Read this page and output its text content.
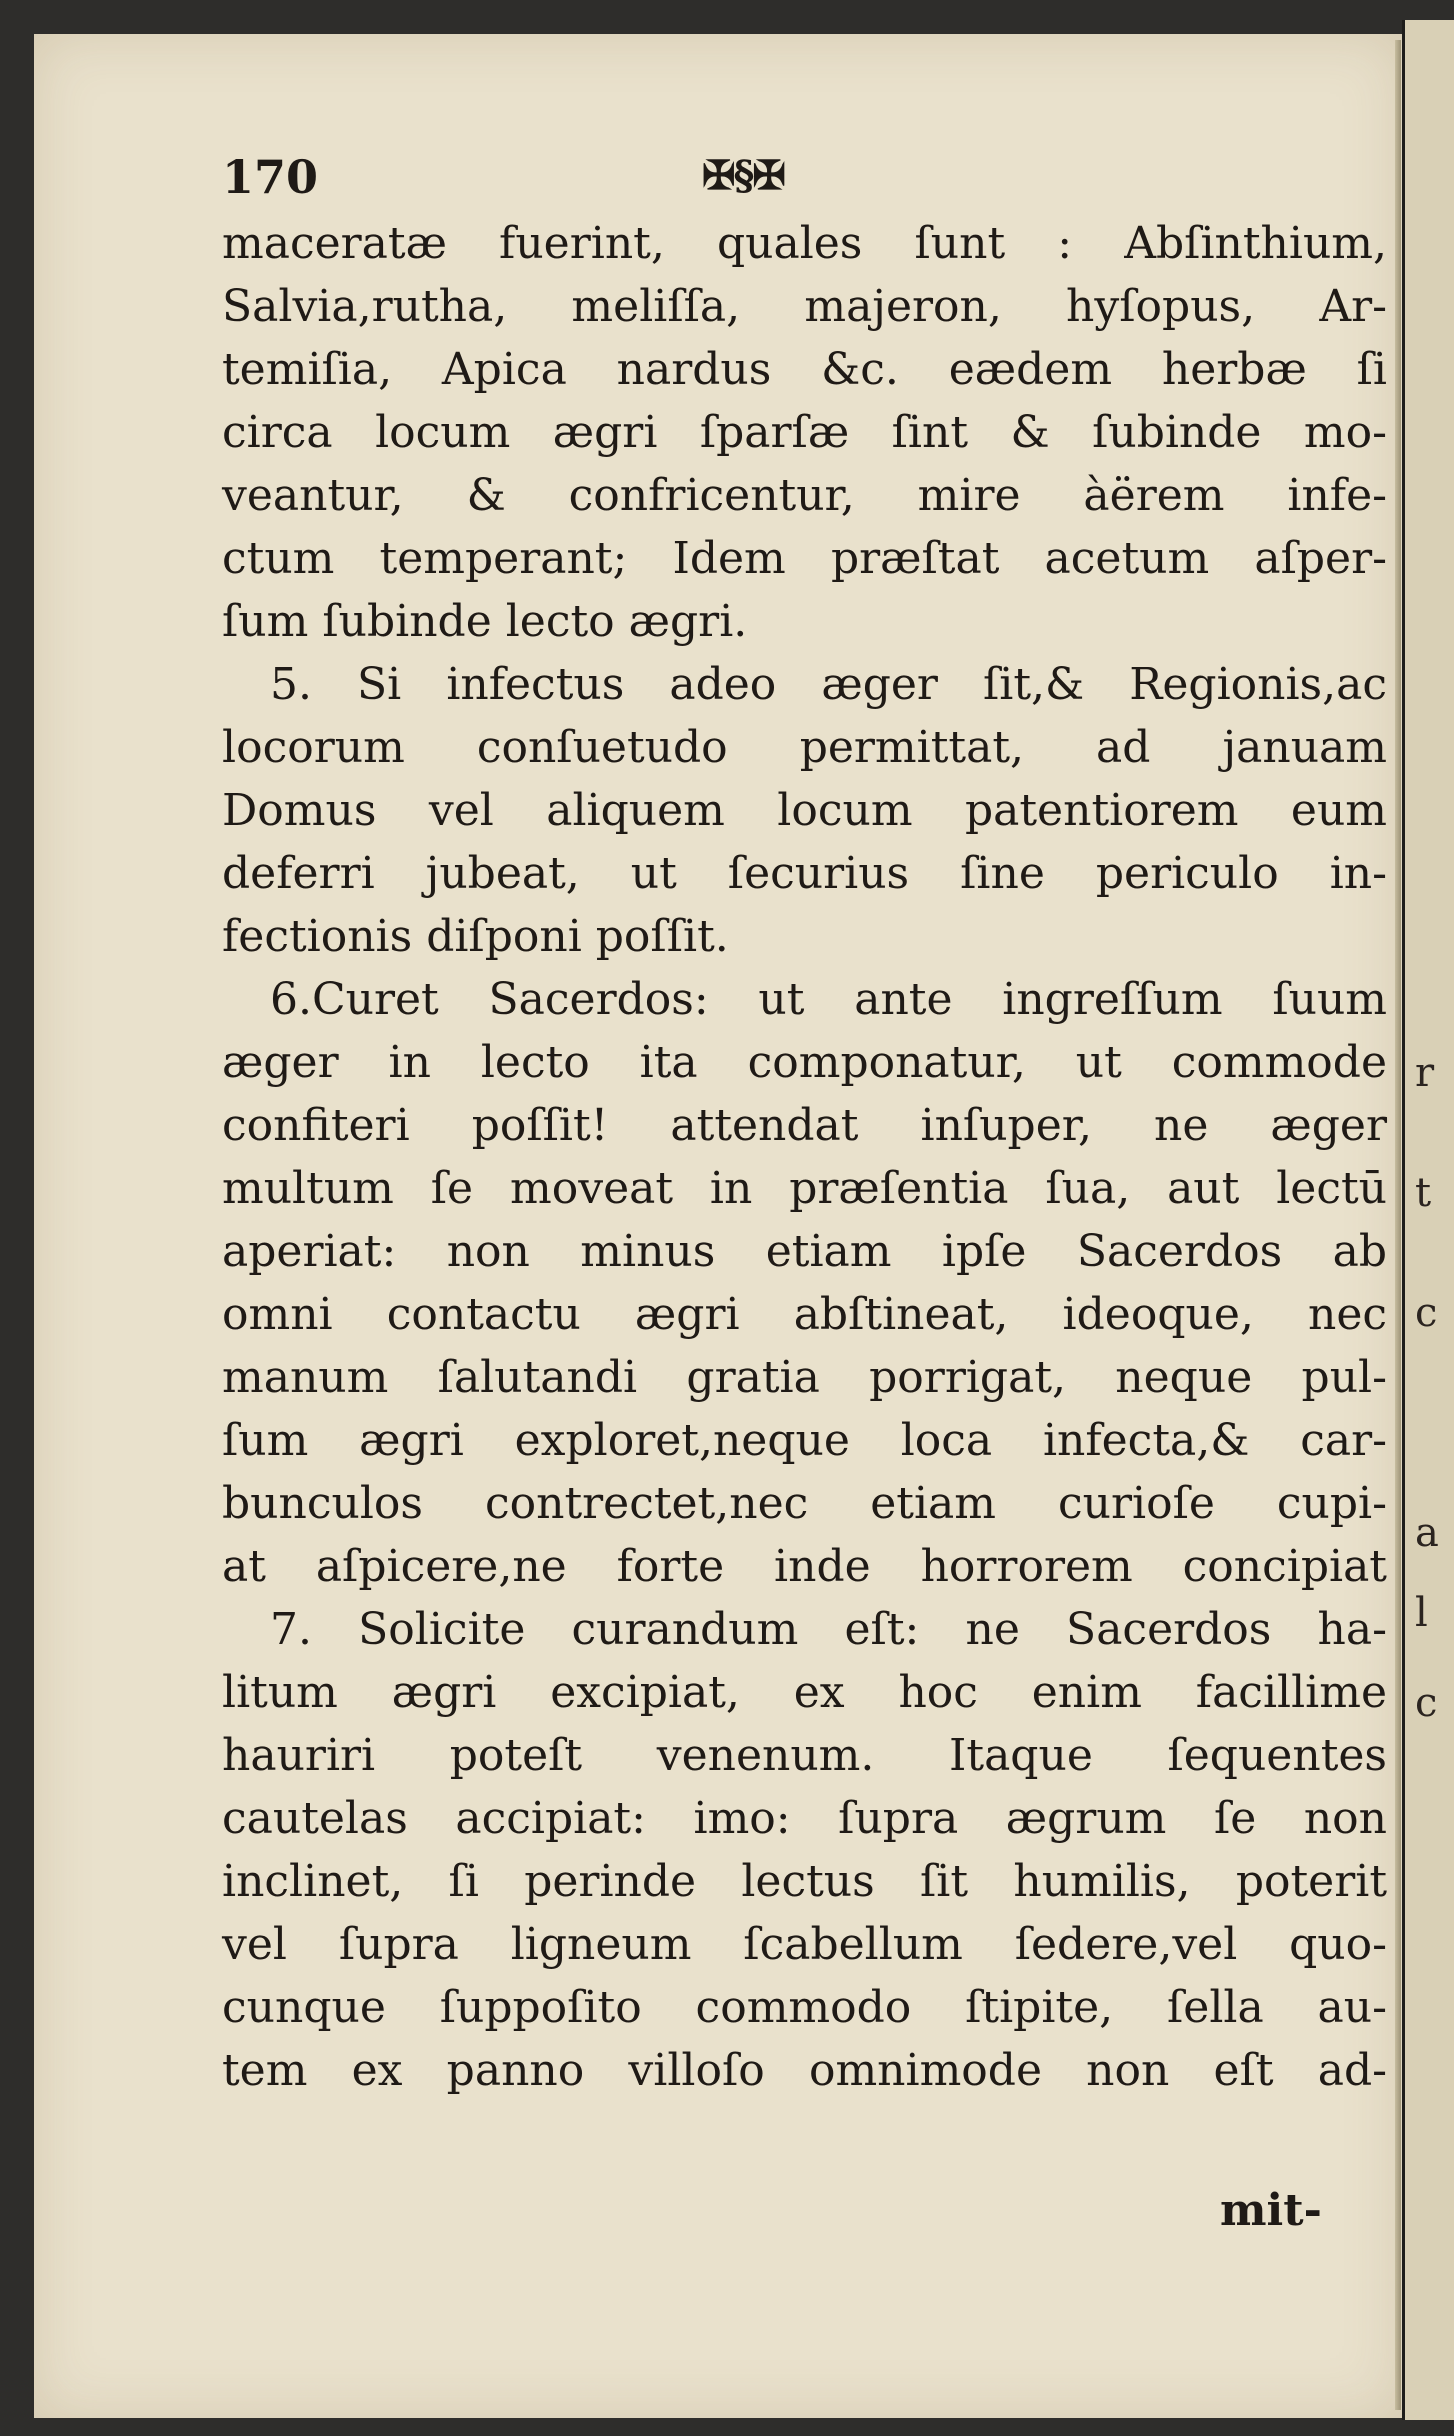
r
t
c
a
l
c
170	✠§✠
maceratæ fuerint, quales ſunt : Abſinthium,
Salvia,rutha, meliſſa, majeron, hyſopus, Ar-
temiſia, Apica nardus &c. eædem herbæ ſi
circa locum ægri ſparſæ ſint & ſubinde mo-
veantur, & confricentur, mire àërem infe-
ctum temperant; Idem præſtat acetum aſper-
ſum ſubinde lecto ægri.
5. Si infectus adeo æger ſit,& Regionis,ac
locorum conſuetudo permittat, ad januam
Domus vel aliquem locum patentiorem eum
deferri jubeat, ut ſecurius ſine periculo in-
fectionis diſponi poſſit.
6.Curet Sacerdos: ut ante ingreſſum ſuum
æger in lecto ita componatur, ut commode
confiteri poſſit! attendat inſuper, ne æger
multum ſe moveat in præſentia ſua, aut lectū
aperiat: non minus etiam ipſe Sacerdos ab
omni contactu ægri abſtineat, ideoque, nec
manum ſalutandi gratia porrigat, neque pul-
ſum ægri exploret,neque loca infecta,& car-
bunculos contrectet,nec etiam curioſe cupi-
at aſpicere,ne forte inde horrorem concipiat
7. Solicite curandum eſt: ne Sacerdos ha-
litum ægri excipiat, ex hoc enim facillime
hauriri poteſt venenum. Itaque ſequentes
cautelas accipiat: imo: ſupra ægrum ſe non
inclinet, ſi perinde lectus ſit humilis, poterit
vel ſupra ligneum ſcabellum ſedere,vel quo-
cunque ſuppoſito commodo ſtipite, ſella au-
tem ex panno villoſo omnimode non eſt ad-
mit-
